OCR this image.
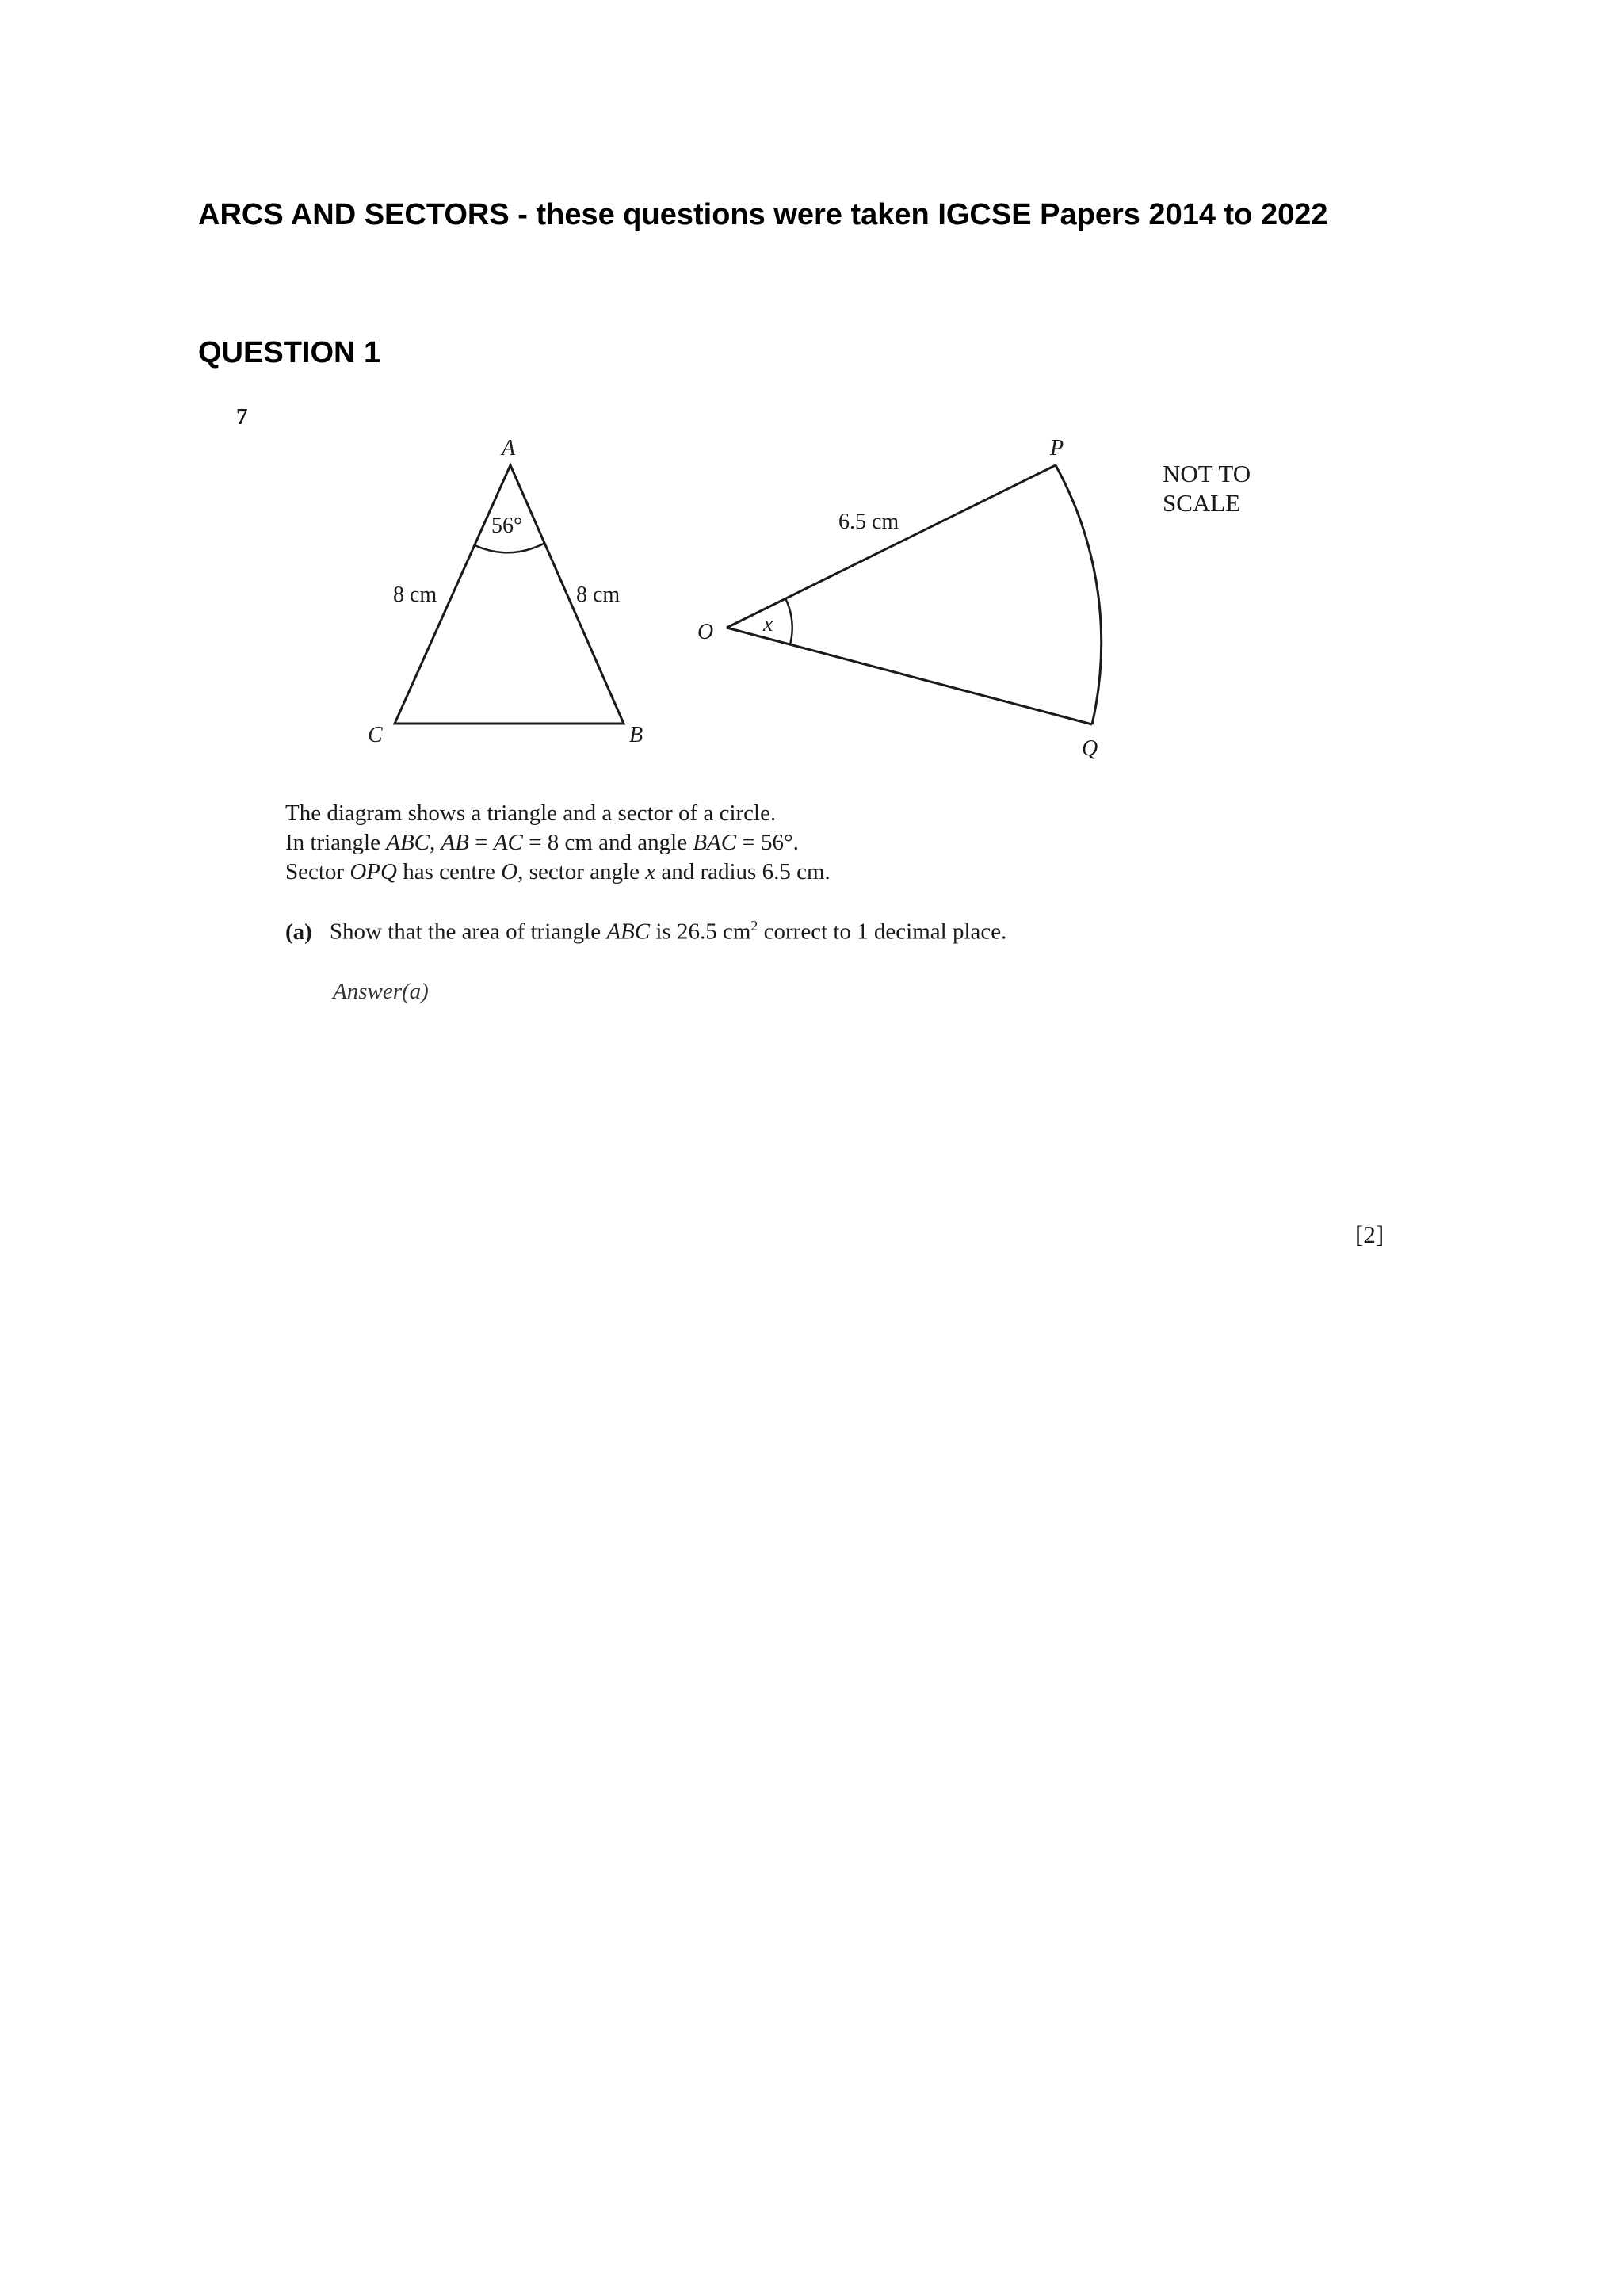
ARCS AND SECTORS - these questions were taken IGCSE Papers 2014 to 2022
QUESTION 1
7
A
C	B
56°
8 cm	8 cm
O
P
Q
x
6.5 cm
NOT TO
SCALE

The diagram shows a triangle and a sector of a circle.

In triangle ABC, AB = AC = 8 cm and angle BAC = 56°.

Sector OPQ has centre O, sector angle x and radius 6.5 cm.

(a) Show that the area of triangle ABC is 26.5 $cm^2$ correct to 1 decimal place.

Answer(a)

[2]
